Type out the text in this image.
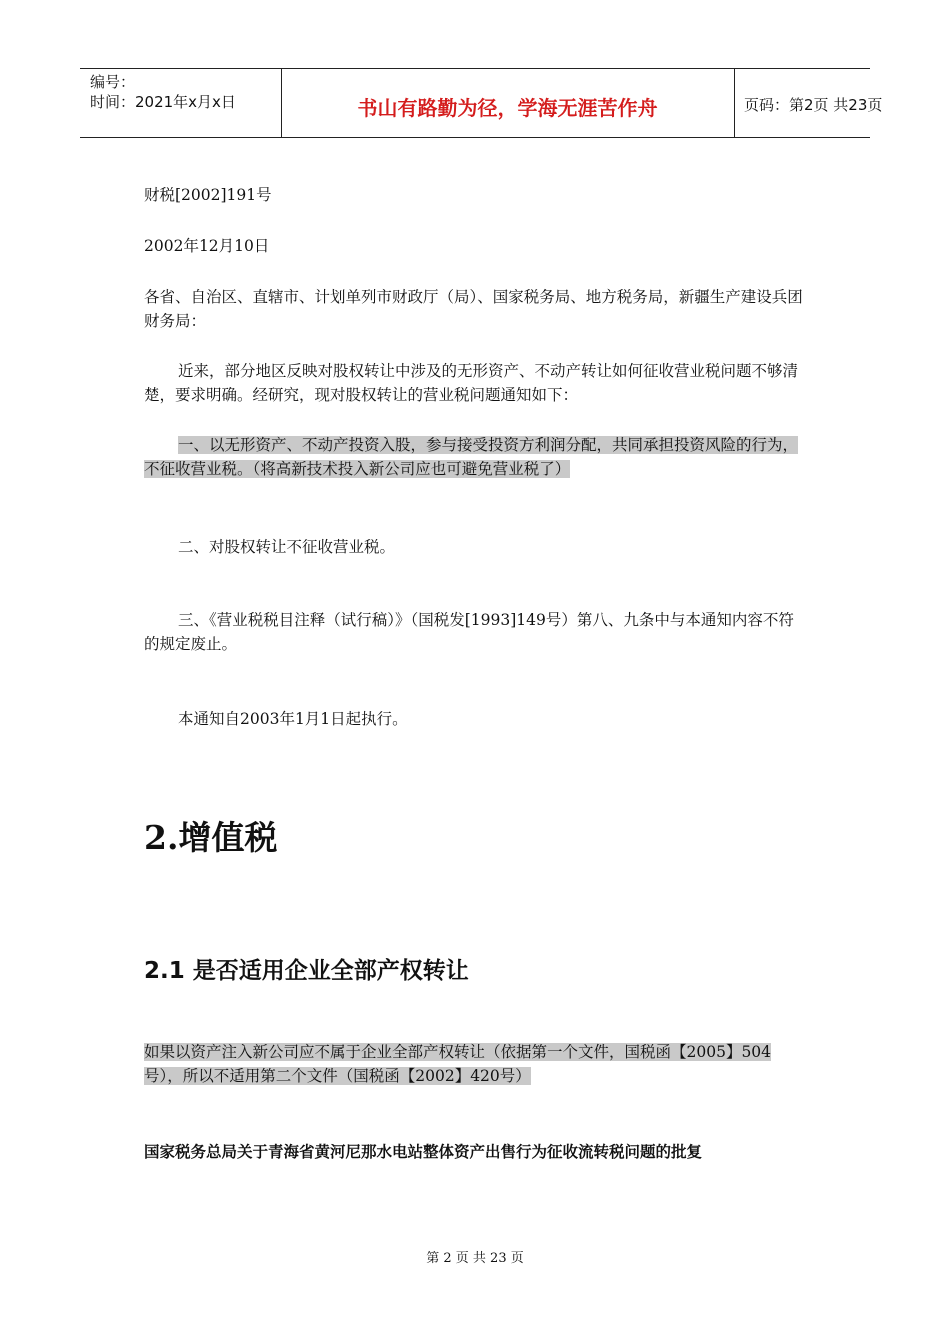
编号：
时间：2021年x月x日	书山有路勤为径，学海无涯苦作舟	页码：第2页 共23页
财税[2002]191号
2002年12月10日
各省、自治区、直辖市、计划单列市财政厅（局）、国家税务局、地方税务局，新疆生产建设兵团财务局：
近来，部分地区反映对股权转让中涉及的无形资产、不动产转让如何征收营业税问题不够清楚，要求明确。经研究，现对股权转让的营业税问题通知如下：
一、以无形资产、不动产投资入股，参与接受投资方利润分配，共同承担投资风险的行为，不征收营业税。（将高新技术投入新公司应也可避免营业税了）
二、对股权转让不征收营业税。
三、《营业税税目注释（试行稿）》（国税发[1993]149号）第八、九条中与本通知内容不符的规定废止。
本通知自2003年1月1日起执行。
2.增值税
2.1 是否适用企业全部产权转让
如果以资产注入新公司应不属于企业全部产权转让（依据第一个文件，国税函【2005】504号），所以不适用第二个文件（国税函【2002】420号）
国家税务总局关于青海省黄河尼那水电站整体资产出售行为征收流转税问题的批复
第 2 页 共 23 页
